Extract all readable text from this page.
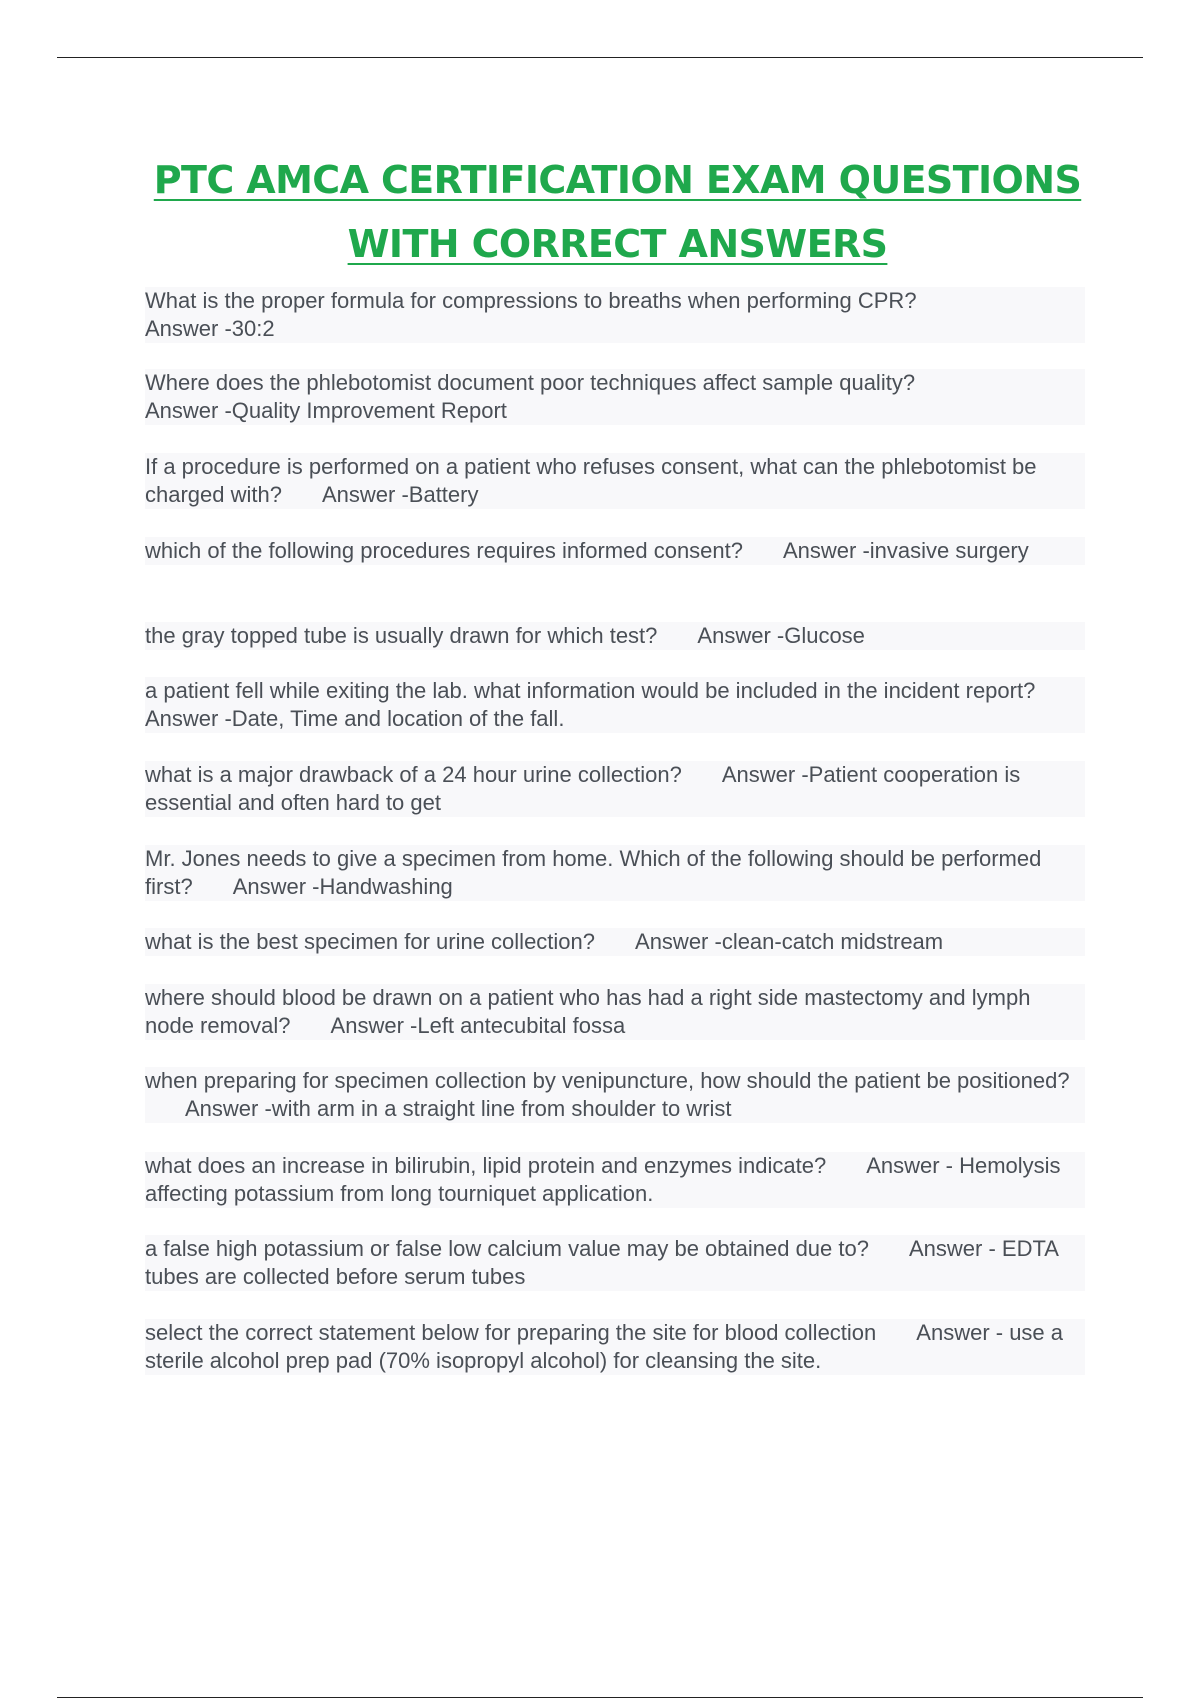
PTC AMCA CERTIFICATION EXAM QUESTIONS
WITH CORRECT ANSWERS
What is the proper formula for compressions to breaths when performing CPR?
Answer -30:2
Where does the phlebotomist document poor techniques affect sample quality?
Answer -Quality Improvement Report
If a procedure is performed on a patient who refuses consent, what can the phlebotomist be charged with? Answer -Battery
which of the following procedures requires informed consent? Answer -invasive surgery
the gray topped tube is usually drawn for which test? Answer -Glucose
a patient fell while exiting the lab. what information would be included in the incident report?Answer -Date, Time and location of the fall.
what is a major drawback of a 24 hour urine collection? Answer -Patient cooperation is essential and often hard to get
Mr. Jones needs to give a specimen from home. Which of the following should be performed first? Answer -Handwashing
what is the best specimen for urine collection? Answer -clean-catch midstream
where should blood be drawn on a patient who has had a right side mastectomy and lymph node removal? Answer -Left antecubital fossa
when preparing for specimen collection by venipuncture, how should the patient be positioned?Answer -with arm in a straight line from shoulder to wrist
what does an increase in bilirubin, lipid protein and enzymes indicate? Answer - Hemolysis affecting potassium from long tourniquet application.
a false high potassium or false low calcium value may be obtained due to? Answer - EDTA tubes are collected before serum tubes
select the correct statement below for preparing the site for blood collection Answer - use a sterile alcohol prep pad (70% isopropyl alcohol) for cleansing the site.
